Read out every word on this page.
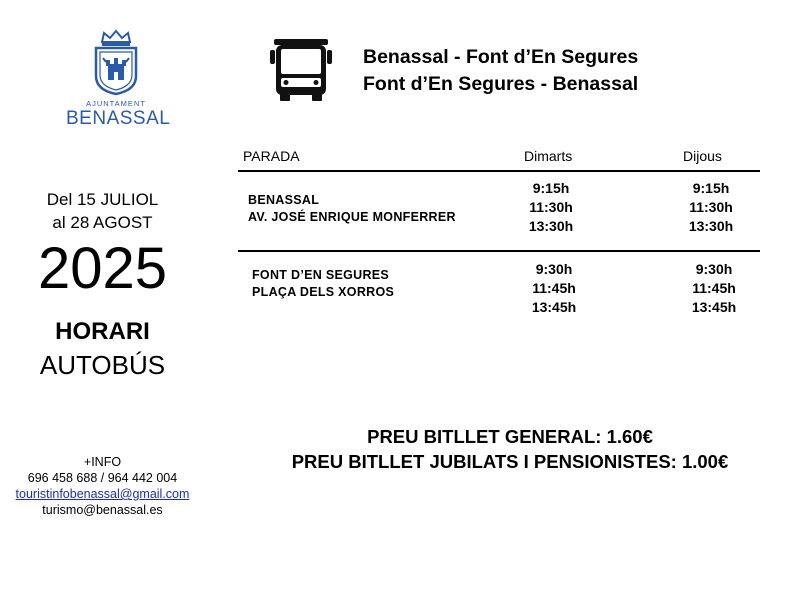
AJUNTAMENT
BENASSAL
Del 15 JULIOL
al 28 AGOST
2025
HORARI
AUTOBÚS
+INFO
696 458 688 / 964 442 004
touristinfobenassal@gmail.com
turismo@benassal.es
Benassal - Font d’En Segures
Font d’En Segures - Benassal
PARADA	Dimarts	Dijous
BENASSAL
AV. JOSÉ ENRIQUE MONFERRER
9:15h
11:30h
13:30h
9:15h
11:30h
13:30h
FONT D’EN SEGURES
PLAÇA DELS XORROS
9:30h
11:45h
13:45h
9:30h
11:45h
13:45h
PREU BITLLET GENERAL: 1.60€
PREU BITLLET JUBILATS I PENSIONISTES: 1.00€
